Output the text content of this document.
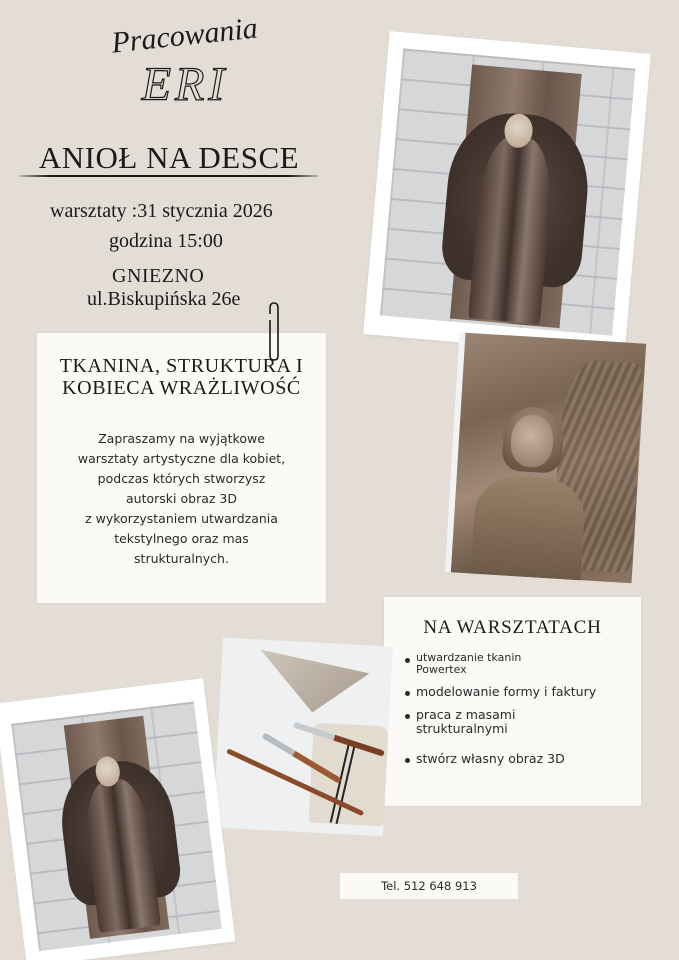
Pracowania
ERI
ANIOŁ NA DESCE
warsztaty :31 stycznia 2026
godzina 15:00
GNIEZNO
ul.Biskupińska 26e
TKANINA, STRUKTURA I
KOBIECA WRAŻLIWOŚĆ
Zapraszamy na wyjątkowe
warsztaty artystyczne dla kobiet,
podczas których stworzysz
autorski obraz 3D
z wykorzystaniem utwardzania
tekstylnego oraz mas
strukturalnych.
NA WARSZTATACH
utwardzanie tkanin
Powertex
modelowanie formy i faktury
praca z masami
strukturalnymi
stwórz własny obraz 3D
Tel. 512 648 913
